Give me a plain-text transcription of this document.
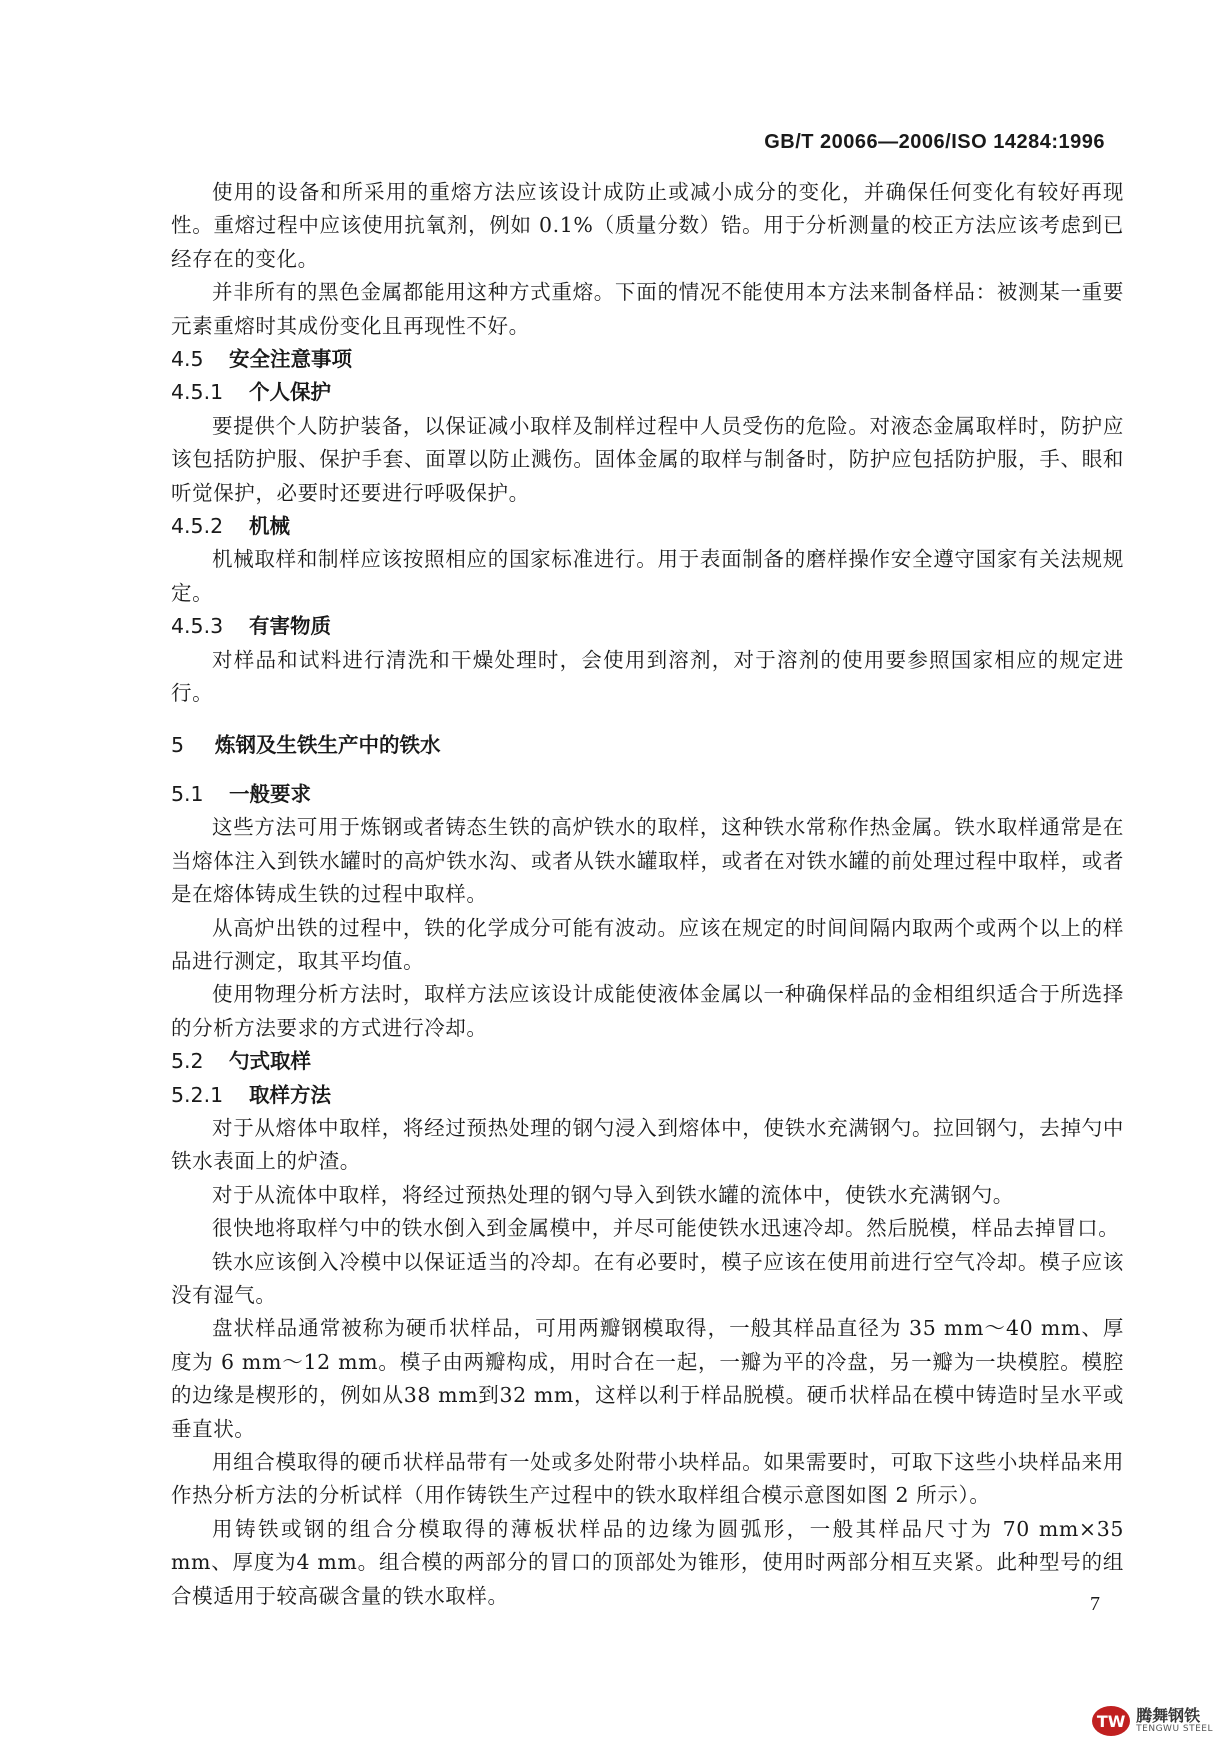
GB/T 20066—2006/ISO 14284:1996

使用的设备和所采用的重熔方法应该设计成防止或减小成分的变化，并确保任何变化有较好再现性。重熔过程中应该使用抗氧剂，例如 0.1%（质量分数）锆。用于分析测量的校正方法应该考虑到已经存在的变化。

并非所有的黑色金属都能用这种方式重熔。下面的情况不能使用本方法来制备样品：被测某一重要元素重熔时其成份变化且再现性不好。

4.5 安全注意事项
4.5.1 个人保护

要提供个人防护装备，以保证减小取样及制样过程中人员受伤的危险。对液态金属取样时，防护应该包括防护服、保护手套、面罩以防止溅伤。固体金属的取样与制备时，防护应包括防护服，手、眼和听觉保护，必要时还要进行呼吸保护。

4.5.2 机械

机械取样和制样应该按照相应的国家标准进行。用于表面制备的磨样操作安全遵守国家有关法规规定。

4.5.3 有害物质

对样品和试料进行清洗和干燥处理时，会使用到溶剂，对于溶剂的使用要参照国家相应的规定进行。

5 炼钢及生铁生产中的铁水
5.1 一般要求

这些方法可用于炼钢或者铸态生铁的高炉铁水的取样，这种铁水常称作热金属。铁水取样通常是在当熔体注入到铁水罐时的高炉铁水沟、或者从铁水罐取样，或者在对铁水罐的前处理过程中取样，或者是在熔体铸成生铁的过程中取样。

从高炉出铁的过程中，铁的化学成分可能有波动。应该在规定的时间间隔内取两个或两个以上的样品进行测定，取其平均值。

使用物理分析方法时，取样方法应该设计成能使液体金属以一种确保样品的金相组织适合于所选择的分析方法要求的方式进行冷却。

5.2 勺式取样
5.2.1 取样方法

对于从熔体中取样，将经过预热处理的钢勺浸入到熔体中，使铁水充满钢勺。拉回钢勺，去掉勺中铁水表面上的炉渣。

对于从流体中取样，将经过预热处理的钢勺导入到铁水罐的流体中，使铁水充满钢勺。

很快地将取样勺中的铁水倒入到金属模中，并尽可能使铁水迅速冷却。然后脱模，样品去掉冒口。

铁水应该倒入冷模中以保证适当的冷却。在有必要时，模子应该在使用前进行空气冷却。模子应该没有湿气。

盘状样品通常被称为硬币状样品，可用两瓣钢模取得，一般其样品直径为 35 mm～40 mm、厚度为 6 mm～12 mm。模子由两瓣构成，用时合在一起，一瓣为平的冷盘，另一瓣为一块模腔。模腔的边缘是楔形的，例如从38 mm到32 mm，这样以利于样品脱模。硬币状样品在模中铸造时呈水平或垂直状。

用组合模取得的硬币状样品带有一处或多处附带小块样品。如果需要时，可取下这些小块样品来用作热分析方法的分析试样（用作铸铁生产过程中的铁水取样组合模示意图如图 2 所示）。

用铸铁或钢的组合分模取得的薄板状样品的边缘为圆弧形，一般其样品尺寸为 70 mm×35 mm、厚度为4 mm。组合模的两部分的冒口的顶部处为锥形，使用时两部分相互夹紧。此种型号的组合模适用于较高碳含量的铁水取样。	7
TW 腾舞钢铁
TENGWU STEEL
